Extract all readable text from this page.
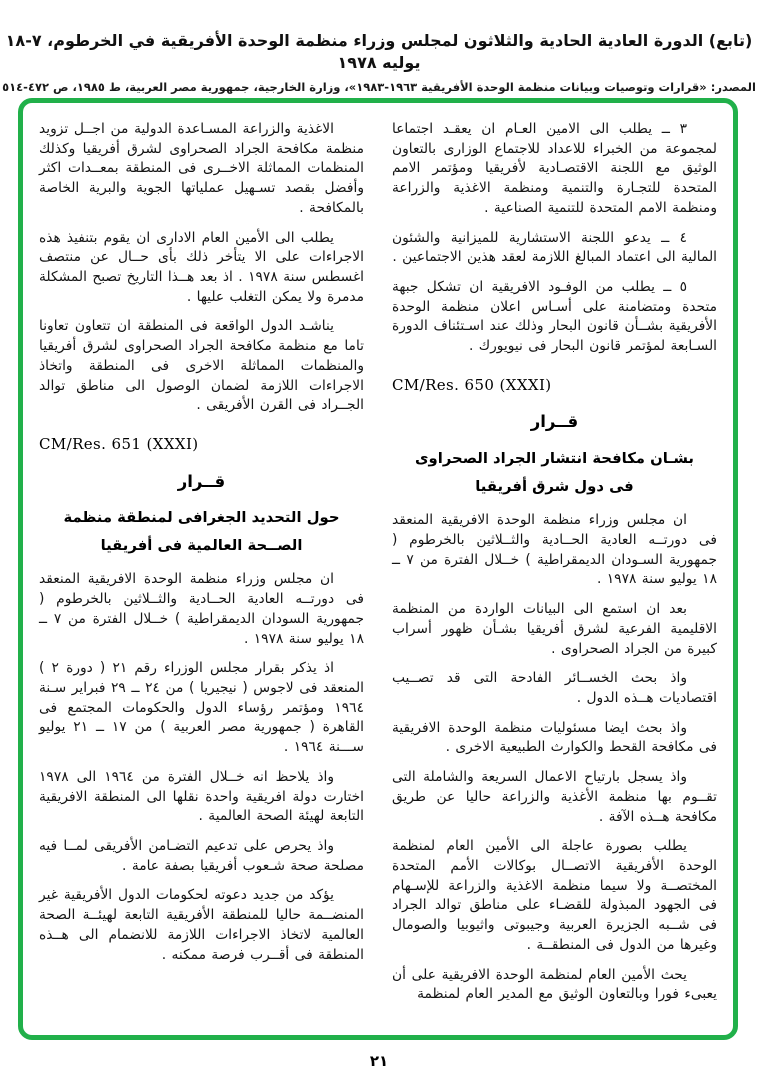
(تابع) الدورة العادية الحادية والثلاثون لمجلس وزراء منظمة الوحدة الأفريقية في الخرطوم، ٧-١٨ يوليه ١٩٧٨
المصدر: «قرارات وتوصيات وبيانات منظمة الوحدة الأفريقية ١٩٦٣-١٩٨٣»، وزارة الخارجية، جمهورية مصر العربية، ط ١٩٨٥، ص ٤٧٢-٥١٤
٣ ــ يطلب الى الامين العـام ان يعقـد اجتماعا لمجموعة من الخبراء للاعداد للاجتماع الوزارى بالتعاون الوثيق مع اللجنة الاقتصـادية لأفريقيا ومؤتمر الامم المتحدة للتجـارة والتنمية ومنظمة الاغذية والزراعة ومنظمة الامم المتحدة للتنمية الصناعية .
٤ ــ يدعو اللجنة الاستشارية للميزانية والشئون المالية الى اعتماد المبالغ اللازمة لعقد هذين الاجتماعين .
٥ ــ يطلب من الوفـود الافريقية ان تشكل جبهة متحدة ومتضامنة على أسـاس اعلان منظمة الوحدة الأفريقية بشــأن قانون البحار وذلك عند اسـتئناف الدورة السـابعة لمؤتمر قانون البحار فى نيويورك .
CM/Res. 650 (XXXI)
قــرار
بشـان مكافحة انتشار الجراد الصحراوى
فى دول شرق أفريقيا
ان مجلس وزراء منظمة الوحدة الافريقية المنعقد فى دورتــه العادية الحــادية والثــلاثين بالخرطوم ( جمهورية السـودان الديمقراطية ) خــلال الفترة من ٧ ــ ١٨ يوليو سنة ١٩٧٨ .
بعد ان استمع الى البيانات الواردة من المنظمة الاقليمية الفرعية لشرق أفريقيا بشـأن ظهور أسراب كبيرة من الجراد الصحراوى .
واذ بحث الخســائر الفادحة التى قد تصــيب اقتصاديات هــذه الدول .
واذ بحث ايضا مسئوليات منظمة الوحدة الافريقية فى مكافحة القحط والكوارث الطبيعية الاخرى .
واذ يسجل بارتياح الاعمال السريعة والشاملة التى تقــوم بها منظمة الأغذية والزراعة حاليا عن طريق مكافحة هــذه الآفة .
يطلب بصورة عاجلة الى الأمين العام لمنظمة الوحدة الأفريقية الاتصــال بوكالات الأمم المتحدة المختصــة ولا سيما منظمة الاغذية والزراعة للإسـهام فى الجهود المبذولة للقضـاء على مناطق توالد الجراد فى شــبه الجزيرة العربية وجيبوتى واثيوبيا والصومال وغيرها من الدول فى المنطقــة .
يحث الأمين العام لمنظمة الوحدة الافريقية على أن يعبىء فورا وبالتعاون الوثيق مع المدير العام لمنظمة
الاغذية والزراعة المسـاعدة الدولية من اجــل تزويد منظمة مكافحة الجراد الصحراوى لشرق أفريقيا وكذلك المنظمات المماثلة الاخــرى فى المنطقة بمعــدات اكثر وأفضل بقصد تسـهيل عملياتها الجوية والبرية الخاصة بالمكافحة .
يطلب الى الأمين العام الادارى ان يقوم بتنفيذ هذه الاجراءات على الا يتأخر ذلك بأى حــال عن منتصف اغسطس سنة ١٩٧٨ . اذ بعد هــذا التاريخ تصبح المشكلة مدمرة ولا يمكن التغلب عليها .
يناشـد الدول الواقعة فى المنطقة ان تتعاون تعاونا تاما مع منظمة مكافحة الجراد الصحراوى لشرق أفريقيا والمنظمات المماثلة الاخرى فى المنطقة واتخاذ الاجراءات اللازمة لضمان الوصول الى مناطق توالد الجــراد فى القرن الأفريقى .
CM/Res. 651 (XXXI)
قــرار
حول التحديد الجغرافى لمنطقة منظمة
الصــحة العالمية فى أفريقيا
ان مجلس وزراء منظمة الوحدة الافريقية المنعقد فى دورتــه العادية الحــادية والثــلاثين بالخرطوم ( جمهورية السودان الديمقراطية ) خــلال الفترة من ٧ ــ ١٨ يوليو سنة ١٩٧٨ .
اذ يذكر بقرار مجلس الوزراء رقم ٢١ ( دورة ٢ ) المنعقد فى لاجوس ( نيجيريا ) من ٢٤ ــ ٢٩ فبراير سـنة ١٩٦٤ ومؤتمر رؤساء الدول والحكومات المجتمع فى القاهرة ( جمهورية مصر العربية ) من ١٧ ــ ٢١ يوليو ســـنة ١٩٦٤ .
واذ يلاحظ انه خــلال الفترة من ١٩٦٤ الى ١٩٧٨ اختارت دولة افريقية واحدة نقلها الى المنطقة الافريقية التابعة لهيئة الصحة العالمية .
واذ يحرص على تدعيم التضـامن الأفريقى لمــا فيه مصلحة صحة شـعوب أفريقيا بصفة عامة .
يؤكد من جديد دعوته لحكومات الدول الأفريقية غير المنضــمة حاليا للمنطقة الأفريقية التابعة لهيئــة الصحة العالمية لاتخاذ الاجراءات اللازمة للانضمام الى هــذه المنطقة فى أقــرب فرصة ممكنه .
٢١
